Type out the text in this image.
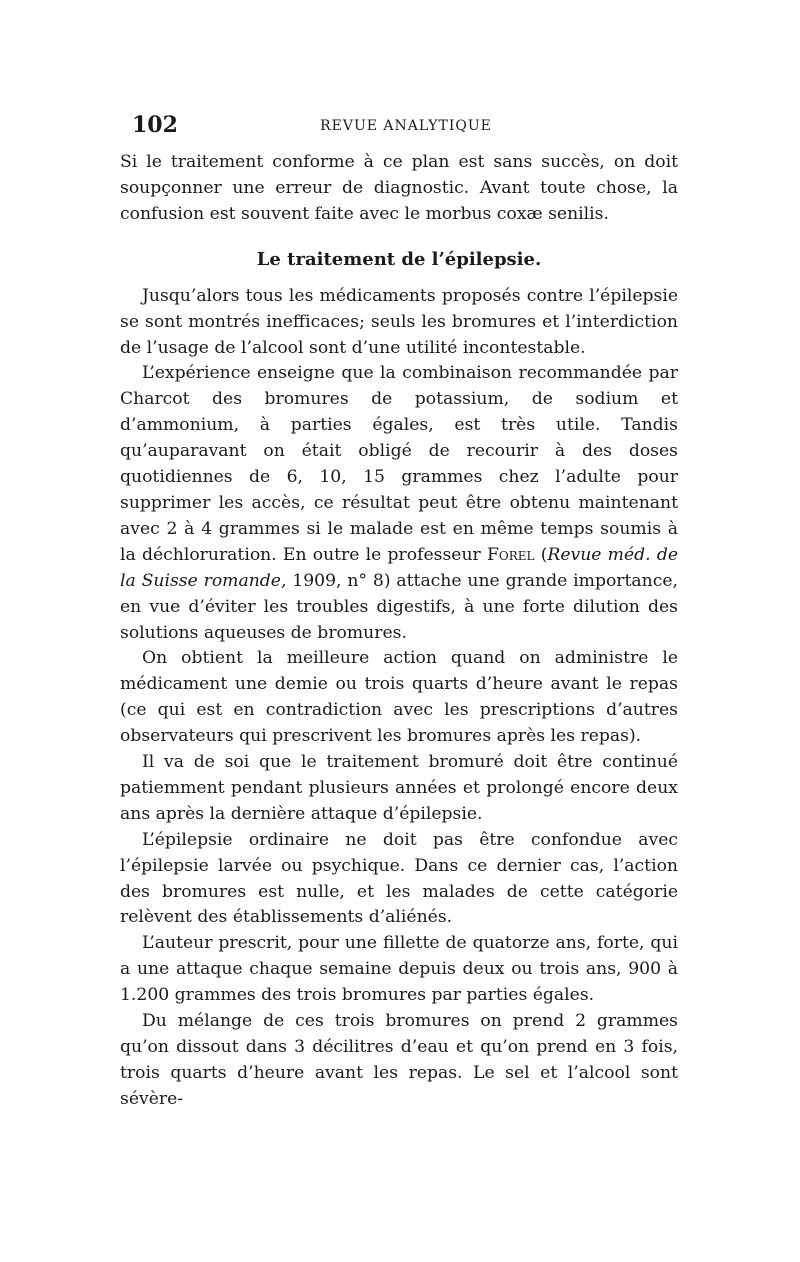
102	REVUE ANALYTIQUE

Si le traitement conforme à ce plan est sans succès, on doit soupçonner une erreur de diagnostic. Avant toute chose, la confusion est souvent faite avec le morbus coxæ senilis.

Le traitement de l’épilepsie.

Jusqu’alors tous les médicaments proposés contre l’épilepsie se sont montrés inefficaces; seuls les bromures et l’interdiction de l’usage de l’alcool sont d’une utilité incontestable.

L’expérience enseigne que la combinaison recommandée par Charcot des bromures de potassium, de sodium et d’ammonium, à parties égales, est très utile. Tandis qu’auparavant on était obligé de recourir à des doses quotidiennes de 6, 10, 15 grammes chez l’adulte pour supprimer les accès, ce résultat peut être obtenu maintenant avec 2 à 4 grammes si le malade est en même temps soumis à la déchloruration. En outre le professeur Forel (Revue méd. de la Suisse romande, 1909, n° 8) attache une grande importance, en vue d’éviter les troubles digestifs, à une forte dilution des solutions aqueuses de bromures.

On obtient la meilleure action quand on administre le médicament une demie ou trois quarts d’heure avant le repas (ce qui est en contradiction avec les prescriptions d’autres observateurs qui prescrivent les bromures après les repas).

Il va de soi que le traitement bromuré doit être continué patiemment pendant plusieurs années et prolongé encore deux ans après la dernière attaque d’épilepsie.

L’épilepsie ordinaire ne doit pas être confondue avec l’épilepsie larvée ou psychique. Dans ce dernier cas, l’action des bromures est nulle, et les malades de cette catégorie relèvent des établissements d’aliénés.

L’auteur prescrit, pour une fillette de quatorze ans, forte, qui a une attaque chaque semaine depuis deux ou trois ans, 900 à 1.200 grammes des trois bromures par parties égales.

Du mélange de ces trois bromures on prend 2 grammes qu’on dissout dans 3 décilitres d’eau et qu’on prend en 3 fois, trois quarts d’heure avant les repas. Le sel et l’alcool sont sévère-
